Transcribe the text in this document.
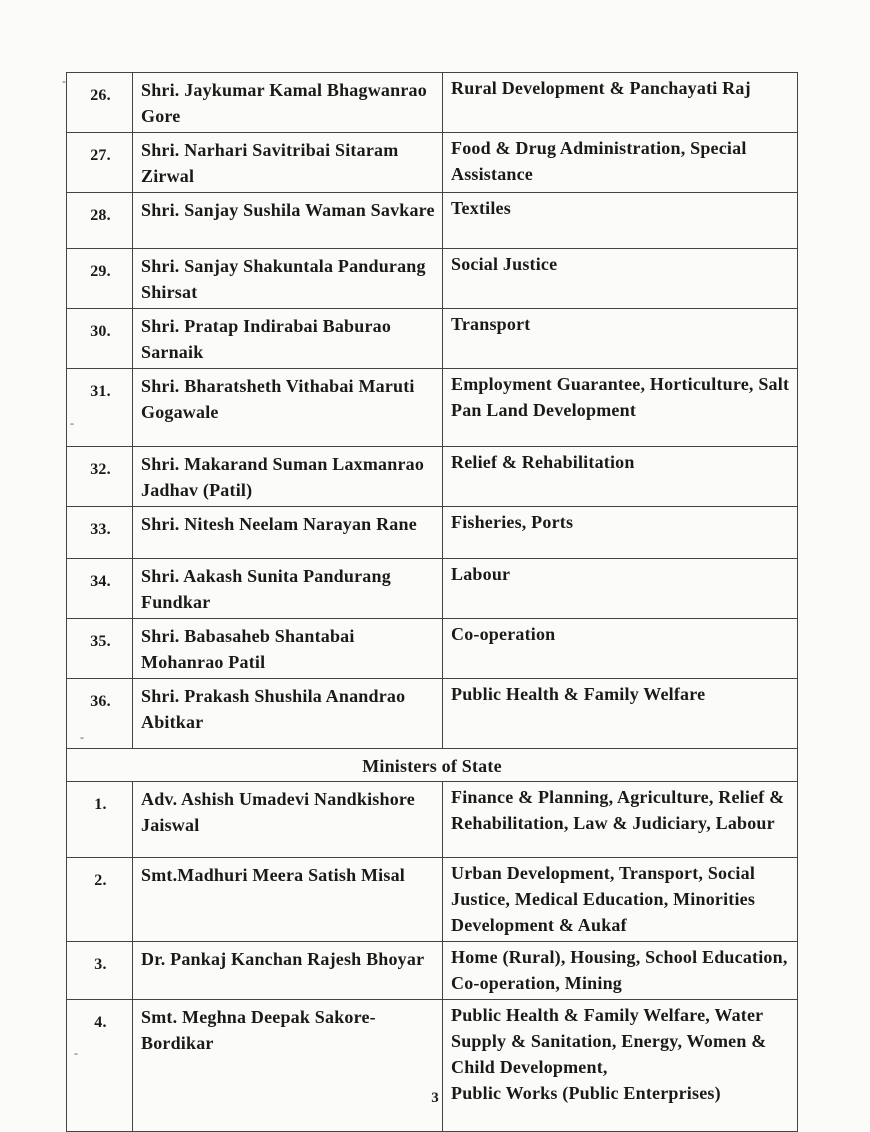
26.	Shri. Jaykumar Kamal Bhagwanrao Gore	Rural Development & Panchayati Raj

27.	Shri. Narhari Savitribai Sitaram Zirwal	Food & Drug Administration, Special Assistance

28.	Shri. Sanjay Sushila Waman Savkare	Textiles

29.	Shri. Sanjay Shakuntala Pandurang Shirsat	Social Justice

30.	Shri. Pratap Indirabai Baburao Sarnaik	Transport

31.	Shri. Bharatsheth Vithabai Maruti Gogawale	Employment Guarantee, Horticulture, Salt Pan Land Development

32.	Shri. Makarand Suman Laxmanrao Jadhav (Patil)	Relief & Rehabilitation

33.	Shri. Nitesh Neelam Narayan Rane	Fisheries, Ports

34.	Shri. Aakash Sunita Pandurang Fundkar	Labour

35.	Shri. Babasaheb Shantabai Mohanrao Patil	Co-operation

36.	Shri. Prakash Shushila Anandrao Abitkar	Public Health & Family Welfare

Ministers of State		
1.	Adv. Ashish Umadevi Nandkishore Jaiswal	Finance & Planning, Agriculture, Relief & Rehabilitation, Law & Judiciary, Labour

2.	Smt.Madhuri Meera Satish Misal	Urban Development, Transport, Social Justice, Medical Education, Minorities Development & Aukaf

3.	Dr. Pankaj Kanchan Rajesh Bhoyar	Home (Rural), Housing, School Education, Co-operation, Mining

4.	Smt. Meghna Deepak Sakore-Bordikar	Public Health & Family Welfare, Water Supply & Sanitation, Energy, Women & Child Development,
Public Works (Public Enterprises)
‐
‐
‐
‐
3
